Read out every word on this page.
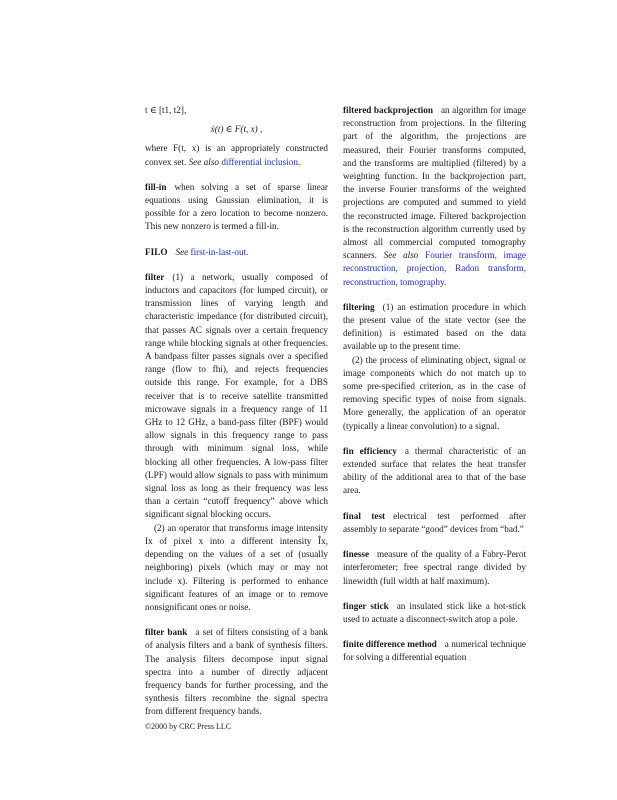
t ∈ [t1, t2],

ẋ(t) ∈ F(t, x) ,

where F(t, x) is an appropriately constructed convex set. See also differential inclusion.
fill-in when solving a set of sparse linear equations using Gaussian elimination, it is possible for a zero location to become nonzero. This new nonzero is termed a fill-in.
FILO See first-in-last-out.

filter (1) a network, usually composed of inductors and capacitors (for lumped circuit), or transmission lines of varying length and characteristic impedance (for distributed circuit), that passes AC signals over a certain frequency range while blocking signals at other frequencies. A bandpass filter passes signals over a specified range (flow to fhi), and rejects frequencies outside this range. For example, for a DBS receiver that is to receive satellite transmitted microwave signals in a frequency range of 11 GHz to 12 GHz, a band-pass filter (BPF) would allow signals in this frequency range to pass through with minimum signal loss, while blocking all other frequencies. A low-pass filter (LPF) would allow signals to pass with minimum signal loss as long as their frequency was less than a certain “cutoff frequency” above which significant signal blocking occurs.

(2) an operator that transforms image intensity Ix of pixel x into a different intensity Îx, depending on the values of a set of (usually neighboring) pixels (which may or may not include x). Filtering is performed to enhance significant features of an image or to remove nonsignificant ones or noise.

filter bank a set of filters consisting of a bank of analysis filters and a bank of synthesis filters. The analysis filters decompose input signal spectra into a number of directly adjacent frequency bands for further processing, and the synthesis filters recombine the signal spectra from different frequency bands.
filtered backprojection an algorithm for image reconstruction from projections. In the filtering part of the algorithm, the projections are measured, their Fourier transforms computed, and the transforms are multiplied (filtered) by a weighting function. In the backprojection part, the inverse Fourier transforms of the weighted projections are computed and summed to yield the reconstructed image. Filtered backprojection is the reconstruction algorithm currently used by almost all commercial computed tomography scanners. See also Fourier transform, image reconstruction, projection, Radon transform, reconstruction, tomography.

filtering (1) an estimation procedure in which the present value of the state vector (see the definition) is estimated based on the data available up to the present time.

(2) the process of eliminating object, signal or image components which do not match up to some pre-specified criterion, as in the case of removing specific types of noise from signals. More generally, the application of an operator (typically a linear convolution) to a signal.

fin efficiency a thermal characteristic of an extended surface that relates the heat transfer ability of the additional area to that of the base area.
final test electrical test performed after assembly to separate “good” devices from “bad.”
finesse measure of the quality of a Fabry-Perot interferometer; free spectral range divided by linewidth (full width at half maximum).
finger stick an insulated stick like a hot-stick used to actuate a disconnect-switch atop a pole.
finite difference method a numerical technique for solving a differential equation
©2000 by CRC Press LLC
